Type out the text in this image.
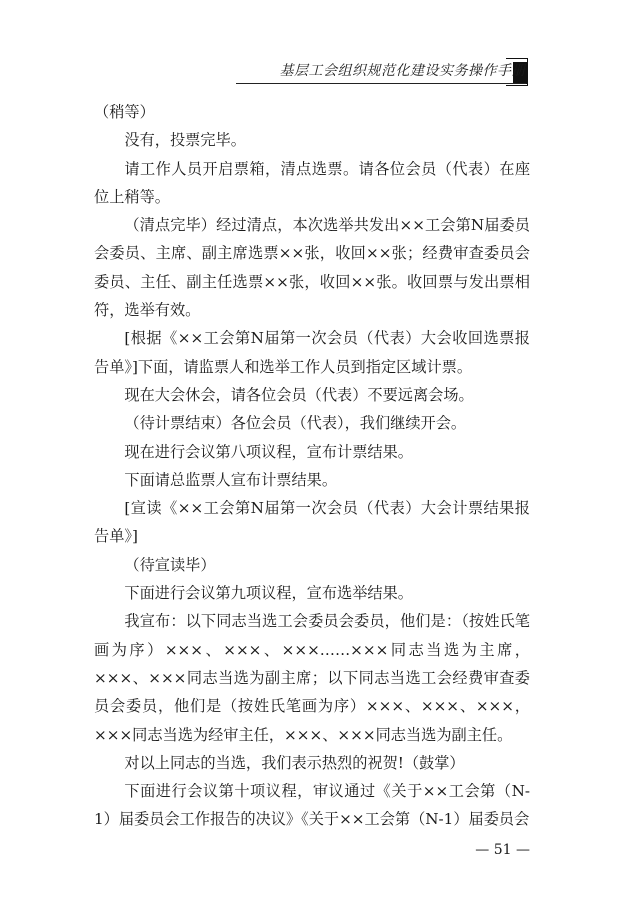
基层工会组织规范化建设实务操作手册

（稍等）

没有，投票完毕。

请工作人员开启票箱，清点选票。请各位会员（代表）在座位上稍等。

（清点完毕）经过清点，本次选举共发出××工会第N届委员会委员、主席、副主席选票××张，收回××张；经费审查委员会委员、主任、副主任选票××张，收回××张。收回票与发出票相符，选举有效。

[根据《××工会第N届第一次会员（代表）大会收回选票报告单》]下面，请监票人和选举工作人员到指定区域计票。

现在大会休会，请各位会员（代表）不要远离会场。

（待计票结束）各位会员（代表），我们继续开会。

现在进行会议第八项议程，宣布计票结果。

下面请总监票人宣布计票结果。

[宣读《××工会第N届第一次会员（代表）大会计票结果报告单》]

（待宣读毕）

下面进行会议第九项议程，宣布选举结果。

我宣布：以下同志当选工会委员会委员，他们是：（按姓氏笔画为序）×××、×××、×××……×××同志当选为主席，×××、×××同志当选为副主席；以下同志当选工会经费审查委员会委员，他们是（按姓氏笔画为序）×××、×××、×××，×××同志当选为经审主任，×××、×××同志当选为副主任。

对以上同志的当选，我们表示热烈的祝贺!（鼓掌）

下面进行会议第十项议程，审议通过《关于××工会第（N-1）届委员会工作报告的决议》《关于××工会第（N-1）届委员会

— 51 —
